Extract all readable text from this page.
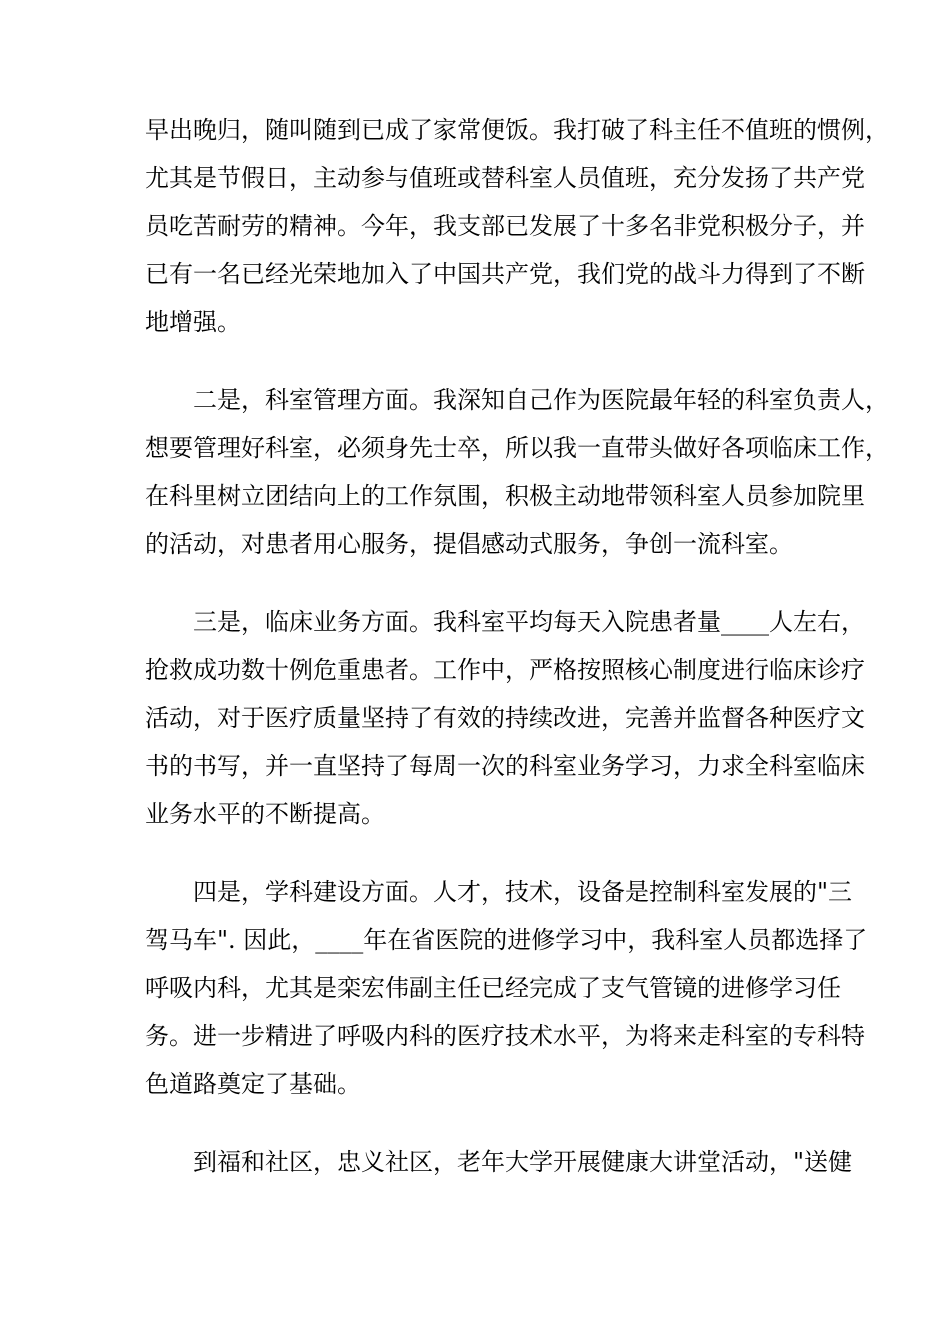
早出晚归，随叫随到已成了家常便饭。我打破了科主任不值班的惯例，
尤其是节假日，主动参与值班或替科室人员值班，充分发扬了共产党
员吃苦耐劳的精神。今年，我支部已发展了十多名非党积极分子，并
已有一名已经光荣地加入了中国共产党，我们党的战斗力得到了不断
地增强。

二是，科室管理方面。我深知自己作为医院最年轻的科室负责人，
想要管理好科室，必须身先士卒，所以我一直带头做好各项临床工作，
在科里树立团结向上的工作氛围，积极主动地带领科室人员参加院里
的活动，对患者用心服务，提倡感动式服务，争创一流科室。

三是，临床业务方面。我科室平均每天入院患者量____人左右，
抢救成功数十例危重患者。工作中，严格按照核心制度进行临床诊疗
活动，对于医疗质量坚持了有效的持续改进，完善并监督各种医疗文
书的书写，并一直坚持了每周一次的科室业务学习，力求全科室临床
业务水平的不断提高。

四是，学科建设方面。人才，技术，设备是控制科室发展的"三
驾马车". 因此，____年在省医院的进修学习中，我科室人员都选择了
呼吸内科，尤其是栾宏伟副主任已经完成了支气管镜的进修学习任
务。进一步精进了呼吸内科的医疗技术水平，为将来走科室的专科特
色道路奠定了基础。

到福和社区，忠义社区，老年大学开展健康大讲堂活动，"送健
